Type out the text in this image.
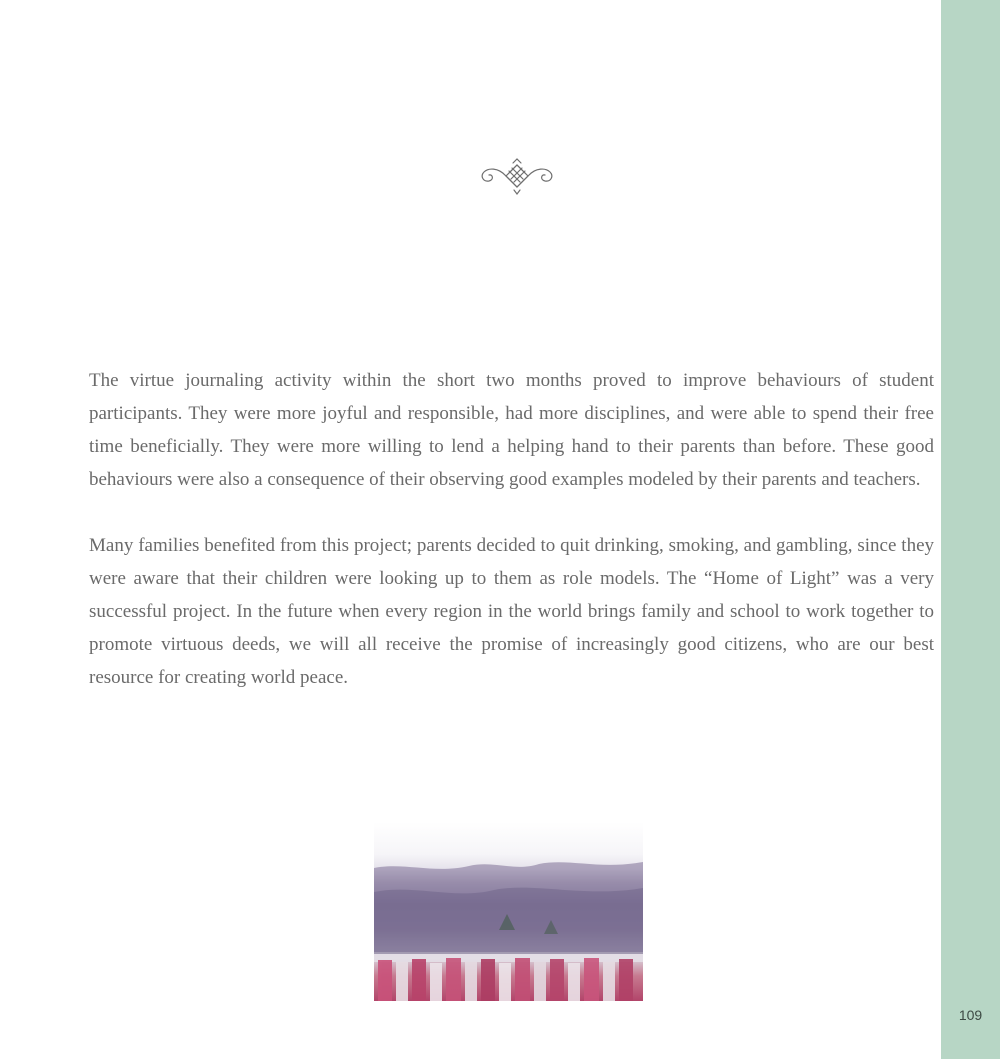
109

The virtue journaling activity within the short two months proved to improve behaviours of student participants. They were more joyful and responsible, had more disciplines, and were able to spend their free time beneficially. They were more willing to lend a helping hand to their parents than before. These good behaviours were also a consequence of their observing good examples modeled by their parents and teachers.

Many families benefited from this project; parents decided to quit drinking, smoking, and gambling, since they were aware that their children were looking up to them as role models. The “Home of Light” was a very successful project. In the future when every region in the world brings family and school to work together to promote virtuous deeds, we will all receive the promise of increasingly good citizens, who are our best resource for creating world peace.
